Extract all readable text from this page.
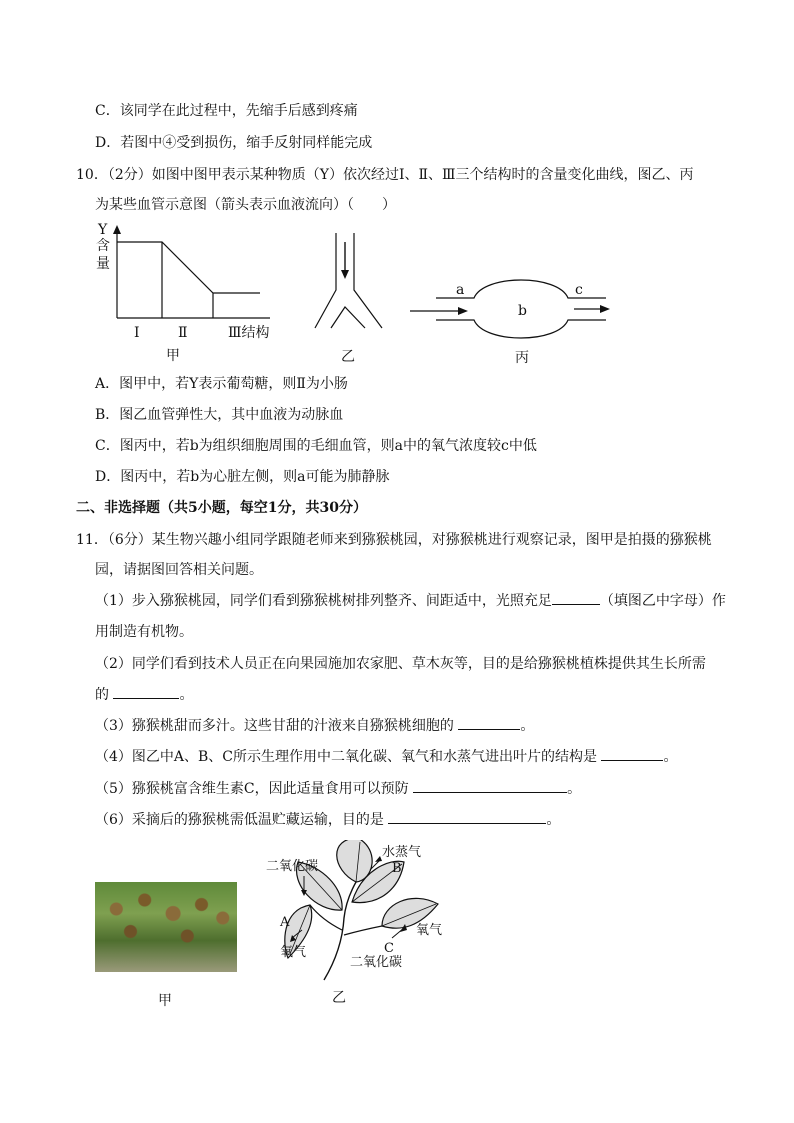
C．该同学在此过程中，先缩手后感到疼痛
D．若图中④受到损伤，缩手反射同样能完成
10．（2分）如图中图甲表示某种物质（Y）依次经过Ⅰ、Ⅱ、Ⅲ三个结构时的含量变化曲线，图乙、丙
为某些血管示意图（箭头表示血液流向）（　　）
Y
含
量
Ⅰ	Ⅱ	Ⅲ结构
甲	乙
a
b
c
丙
A．图甲中，若Y表示葡萄糖，则Ⅱ为小肠
B．图乙血管弹性大，其中血液为动脉血
C．图丙中，若b为组织细胞周围的毛细血管，则a中的氧气浓度较c中低
D．图丙中，若b为心脏左侧，则a可能为肺静脉
二、非选择题（共5小题，每空1分，共30分）
11．（6分）某生物兴趣小组同学跟随老师来到猕猴桃园，对猕猴桃进行观察记录，图甲是拍摄的猕猴桃
园，请据图回答相关问题。
（1）步入猕猴桃园，同学们看到猕猴桃树排列整齐、间距适中，光照充足	（填图乙中字母）作
用制造有机物。
（2）同学们看到技术人员正在向果园施加农家肥、草木灰等，目的是给猕猴桃植株提供其生长所需
的	。
（3）猕猴桃甜而多汁。这些甘甜的汁液来自猕猴桃细胞的	。
（4）图乙中A、B、C所示生理作用中二氧化碳、氧气和水蒸气进出叶片的结构是	。
（5）猕猴桃富含维生素C，因此适量食用可以预防	。
（6）采摘后的猕猴桃需低温贮藏运输，目的是	。
甲
二氧化碳
水蒸气
B
A
氧气	C
氧气
二氧化碳
乙
